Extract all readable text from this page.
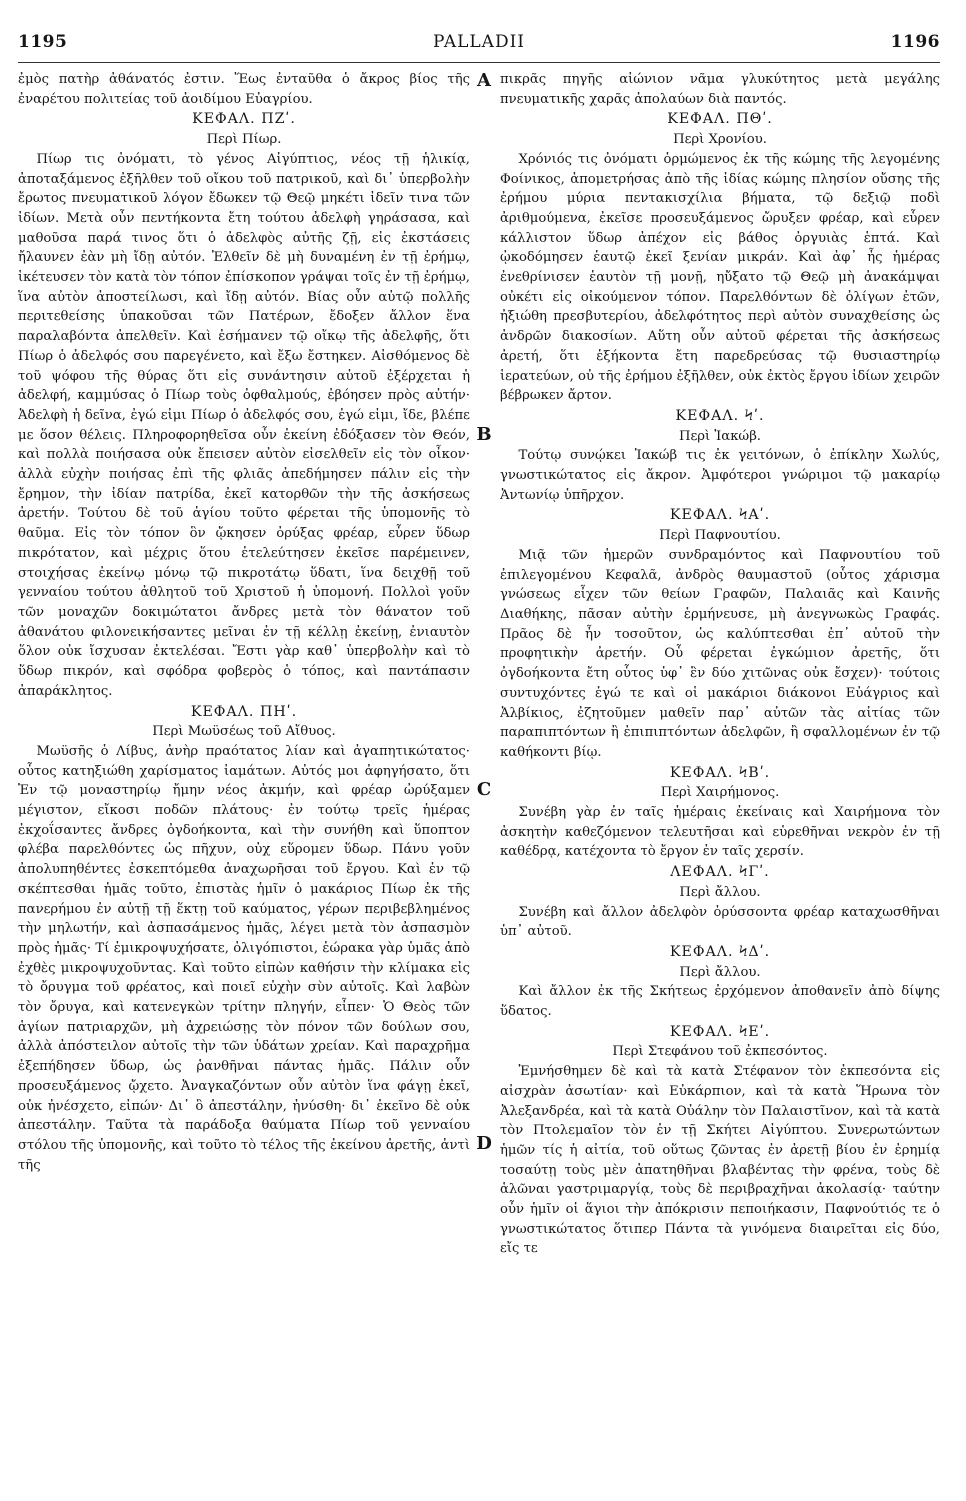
1195	PALLADII	1196
A
B
C
D

ἐμὸς πατὴρ ἀθάνατός ἐστιν. Ἕως ἐνταῦθα ὁ ἄκρος βίος τῆς ἐναρέτου πολιτείας τοῦ ἀοιδίμου Εὐαγρίου.

ΚΕΦΑΛ. ΠΖʹ.
Περὶ Πίωρ.

Πίωρ τις ὀνόματι, τὸ γένος Αἰγύπτιος, νέος τῇ ἡλικίᾳ, ἀποταξάμενος ἐξῆλθεν τοῦ οἴκου τοῦ πατρικοῦ, καὶ δι᾽ ὑπερβολὴν ἔρωτος πνευματικοῦ λόγον ἔδωκεν τῷ Θεῷ μηκέτι ἰδεῖν τινα τῶν ἰδίων. Μετὰ οὖν πεντήκοντα ἔτη τούτου ἀδελφὴ γηράσασα, καὶ μαθοῦσα παρά τινος ὅτι ὁ ἀδελφὸς αὐτῆς ζῇ, εἰς ἐκστάσεις ἤλαυνεν ἐὰν μὴ ἴδῃ αὐτόν. Ἐλθεῖν δὲ μὴ δυναμένη ἐν τῇ ἐρήμῳ, ἱκέτευσεν τὸν κατὰ τὸν τόπον ἐπίσκοπον γράψαι τοῖς ἐν τῇ ἐρήμῳ, ἵνα αὐτὸν ἀποστείλωσι, καὶ ἴδῃ αὐτόν. Βίας οὖν αὐτῷ πολλῆς περιτεθείσης ὑπακοῦσαι τῶν Πατέρων, ἔδοξεν ἄλλον ἕνα παραλαβόντα ἀπελθεῖν. Καὶ ἐσήμανεν τῷ οἴκῳ τῆς ἀδελφῆς, ὅτι Πίωρ ὁ ἀδελφός σου παρεγένετο, καὶ ἔξω ἔστηκεν. Αἰσθόμενος δὲ τοῦ ψόφου τῆς θύρας ὅτι εἰς συνάντησιν αὐτοῦ ἐξέρχεται ἡ ἀδελφή, καμμύσας ὁ Πίωρ τοὺς ὀφθαλμούς, ἐβόησεν πρὸς αὐτήν· Ἀδελφὴ ἡ δεῖνα, ἐγώ εἰμι Πίωρ ὁ ἀδελφός σου, ἐγώ εἰμι, ἴδε, βλέπε με ὅσον θέλεις. Πληροφορηθεῖσα οὖν ἐκείνη ἐδόξασεν τὸν Θεόν, καὶ πολλὰ ποιήσασα οὐκ ἔπεισεν αὐτὸν εἰσελθεῖν εἰς τὸν οἶκον· ἀλλὰ εὐχὴν ποιήσας ἐπὶ τῆς φλιᾶς ἀπεδήμησεν πάλιν εἰς τὴν ἔρημον, τὴν ἰδίαν πατρίδα, ἐκεῖ κατορθῶν τὴν τῆς ἀσκήσεως ἀρετήν. Τούτου δὲ τοῦ ἁγίου τοῦτο φέρεται τῆς ὑπομονῆς τὸ θαῦμα. Εἰς τὸν τόπον ὃν ᾤκησεν ὀρύξας φρέαρ, εὗρεν ὕδωρ πικρότατον, καὶ μέχρις ὅτου ἐτελεύτησεν ἐκεῖσε παρέμεινεν, στοιχήσας ἐκείνῳ μόνῳ τῷ πικροτάτῳ ὕδατι, ἵνα δειχθῇ τοῦ γενναίου τούτου ἀθλητοῦ τοῦ Χριστοῦ ἡ ὑπομονή. Πολλοὶ γοῦν τῶν μοναχῶν δοκιμώτατοι ἄνδρες μετὰ τὸν θάνατον τοῦ ἀθανάτου φιλονεικήσαντες μεῖναι ἐν τῇ κέλλῃ ἐκείνῃ, ἐνιαυτὸν ὅλον οὐκ ἴσχυσαν ἐκτελέσαι. Ἔστι γὰρ καθ᾽ ὑπερβολὴν καὶ τὸ ὕδωρ πικρόν, καὶ σφόδρα φοβερὸς ὁ τόπος, καὶ παντάπασιν ἀπαράκλητος.

ΚΕΦΑΛ. ΠΗʹ.
Περὶ Μωϋσέως τοῦ Αἴθυος.

Μωϋσῆς ὁ Λίβυς, ἀνὴρ πραότατος λίαν καὶ ἀγαπητικώτατος· οὗτος κατηξιώθη χαρίσματος ἰαμάτων. Αὐτός μοι ἀφηγήσατο, ὅτι Ἐν τῷ μοναστηρίῳ ἤμην νέος ἀκμήν, καὶ φρέαρ ὠρύξαμεν μέγιστον, εἴκοσι ποδῶν πλάτους· ἐν τούτῳ τρεῖς ἡμέρας ἐκχοΐσαντες ἄνδρες ὀγδοήκοντα, καὶ τὴν συνήθη καὶ ὕποπτον φλέβα παρελθόντες ὡς πῆχυν, οὐχ εὕρομεν ὕδωρ. Πάνυ γοῦν ἀπολυπηθέντες ἐσκεπτόμεθα ἀναχωρῆσαι τοῦ ἔργου. Καὶ ἐν τῷ σκέπτεσθαι ἡμᾶς τοῦτο, ἐπιστὰς ἡμῖν ὁ μακάριος Πίωρ ἐκ τῆς πανερήμου ἐν αὐτῇ τῇ ἕκτῃ τοῦ καύματος, γέρων περιβεβλημένος τὴν μηλωτήν, καὶ ἀσπασάμενος ἡμᾶς, λέγει μετὰ τὸν ἀσπασμὸν πρὸς ἡμᾶς· Τί ἐμικροψυχήσατε, ὀλιγόπιστοι, ἑώρακα γὰρ ὑμᾶς ἀπὸ ἐχθὲς μικροψυχοῦντας. Καὶ τοῦτο εἰπὼν καθήσιν τὴν κλίμακα εἰς τὸ ὄρυγμα τοῦ φρέατος, καὶ ποιεῖ εὐχὴν σὺν αὐτοῖς. Καὶ λαβὼν τὸν ὄρυγα, καὶ κατενεγκὼν τρίτην πληγήν, εἶπεν· Ὁ Θεὸς τῶν ἁγίων πατριαρχῶν, μὴ ἀχρειώσῃς τὸν πόνον τῶν δούλων σου, ἀλλὰ ἀπόστειλον αὐτοῖς τὴν τῶν ὑδάτων χρείαν. Καὶ παραχρῆμα ἐξεπήδησεν ὕδωρ, ὡς ῥανθῆναι πάντας ἡμᾶς. Πάλιν οὖν προσευξάμενος ᾤχετο. Ἀναγκαζόντων οὖν αὐτὸν ἵνα φάγῃ ἐκεῖ, οὐκ ἠνέσχετο, εἰπών· Δι᾽ ὃ ἀπεστάλην, ἠνύσθη· δι᾽ ἐκεῖνο δὲ οὐκ ἀπεστάλην. Ταῦτα τὰ παράδοξα θαύματα Πίωρ τοῦ γενναίου στόλου τῆς ὑπομονῆς, καὶ τοῦτο τὸ τέλος τῆς ἐκείνου ἀρετῆς, ἀντὶ τῆς

πικρᾶς πηγῆς αἰώνιον νᾶμα γλυκύτητος μετὰ μεγάλης πνευματικῆς χαρᾶς ἀπολαύων διὰ παντός.

ΚΕΦΑΛ. ΠΘʹ.
Περὶ Χρονίου.

Χρόνιός τις ὀνόματι ὁρμώμενος ἐκ τῆς κώμης τῆς λεγομένης Φοίνικος, ἀπομετρήσας ἀπὸ τῆς ἰδίας κώμης πλησίον οὔσης τῆς ἐρήμου μύρια πεντακισχίλια βήματα, τῷ δεξιῷ ποδὶ ἀριθμούμενα, ἐκεῖσε προσευξάμενος ὤρυξεν φρέαρ, καὶ εὗρεν κάλλιστον ὕδωρ ἀπέχον εἰς βάθος ὀργυιὰς ἑπτά. Καὶ ᾠκοδόμησεν ἑαυτῷ ἐκεῖ ξενίαν μικράν. Καὶ ἀφ᾽ ἧς ἡμέρας ἐνεθρίνισεν ἑαυτὸν τῇ μονῇ, ηὔξατο τῷ Θεῷ μὴ ἀνακάμψαι οὐκέτι εἰς οἰκούμενον τόπον. Παρελθόντων δὲ ὀλίγων ἐτῶν, ἠξιώθη πρεσβυτερίου, ἀδελφότητος περὶ αὐτὸν συναχθείσης ὡς ἀνδρῶν διακοσίων. Αὕτη οὖν αὐτοῦ φέρεται τῆς ἀσκήσεως ἀρετή, ὅτι ἑξήκοντα ἔτη παρεδρεύσας τῷ θυσιαστηρίῳ ἱερατεύων, οὐ τῆς ἐρήμου ἐξῆλθεν, οὐκ ἐκτὸς ἔργου ἰδίων χειρῶν βέβρωκεν ἄρτον.

ΚΕΦΑΛ. Ϟʹ.
Περὶ Ἰακώβ.

Τούτῳ συνῴκει Ἰακώβ τις ἐκ γειτόνων, ὁ ἐπίκλην Χωλύς, γνωστικώτατος εἰς ἄκρον. Ἀμφότεροι γνώριμοι τῷ μακαρίῳ Ἀντωνίῳ ὑπῆρχον.

ΚΕΦΑΛ. ϞΑʹ.
Περὶ Παφνουτίου.

Μιᾷ τῶν ἡμερῶν συνδραμόντος καὶ Παφνουτίου τοῦ ἐπιλεγομένου Κεφαλᾶ, ἀνδρὸς θαυμαστοῦ (οὗτος χάρισμα γνώσεως εἶχεν τῶν θείων Γραφῶν, Παλαιᾶς καὶ Καινῆς Διαθήκης, πᾶσαν αὐτὴν ἑρμήνευσε, μὴ ἀνεγνωκὼς Γραφάς. Πρᾶος δὲ ἦν τοσοῦτον, ὡς καλύπτεσθαι ἐπ᾽ αὐτοῦ τὴν προφητικὴν ἀρετήν. Οὗ φέρεται ἐγκώμιον ἀρετῆς, ὅτι ὀγδοήκοντα ἔτη οὗτος ὑφ᾽ ἓν δύο χιτῶνας οὐκ ἔσχεν)· τούτοις συντυχόντες ἐγώ τε καὶ οἱ μακάριοι διάκονοι Εὐάγριος καὶ Ἀλβίκιος, ἐζητοῦμεν μαθεῖν παρ᾽ αὐτῶν τὰς αἰτίας τῶν παραπιπτόντων ἢ ἐπιπιπτόντων ἀδελφῶν, ἢ σφαλλομένων ἐν τῷ καθήκοντι βίῳ.

ΚΕΦΑΛ. ϞΒʹ.
Περὶ Χαιρήμονος.

Συνέβη γὰρ ἐν ταῖς ἡμέραις ἐκείναις καὶ Χαιρήμονα τὸν ἀσκητὴν καθεζόμενον τελευτῆσαι καὶ εὑρεθῆναι νεκρὸν ἐν τῇ καθέδρᾳ, κατέχοντα τὸ ἔργον ἐν ταῖς χερσίν.

ΛΕΦΑΛ. ϞΓʹ.
Περὶ ἄλλου.

Συνέβη καὶ ἄλλον ἀδελφὸν ὀρύσσοντα φρέαρ καταχωσθῆναι ὑπ᾽ αὐτοῦ.

ΚΕΦΑΛ. ϞΔʹ.
Περὶ ἄλλου.

Καὶ ἄλλον ἐκ τῆς Σκήτεως ἐρχόμενον ἀποθανεῖν ἀπὸ δίψης ὕδατος.

ΚΕΦΑΛ. ϞΕʹ.
Περὶ Στεφάνου τοῦ ἐκπεσόντος.

Ἐμνήσθημεν δὲ καὶ τὰ κατὰ Στέφανον τὸν ἐκπεσόντα εἰς αἰσχρὰν ἀσωτίαν· καὶ Εὐκάρπιον, καὶ τὰ κατὰ Ἥρωνα τὸν Ἀλεξανδρέα, καὶ τὰ κατὰ Οὐάλην τὸν Παλαιστῖνον, καὶ τὰ κατὰ τὸν Πτολεμαῖον τὸν ἐν τῇ Σκήτει Αἰγύπτου. Συνερωτώντων ἡμῶν τίς ἡ αἰτία, τοῦ οὕτως ζῶντας ἐν ἀρετῇ βίου ἐν ἐρημίᾳ τοσαύτῃ τοὺς μὲν ἀπατηθῆναι βλαβέντας τὴν φρένα, τοὺς δὲ ἁλῶναι γαστριμαργίᾳ, τοὺς δὲ περιβραχῆναι ἀκολασίᾳ· ταύτην οὖν ἡμῖν οἱ ἅγιοι τὴν ἀπόκρισιν πεποιήκασιν, Παφνούτιός τε ὁ γνωστικώτατος ὅτιπερ Πάντα τὰ γινόμενα διαιρεῖται εἰς δύο, εἴς τε
